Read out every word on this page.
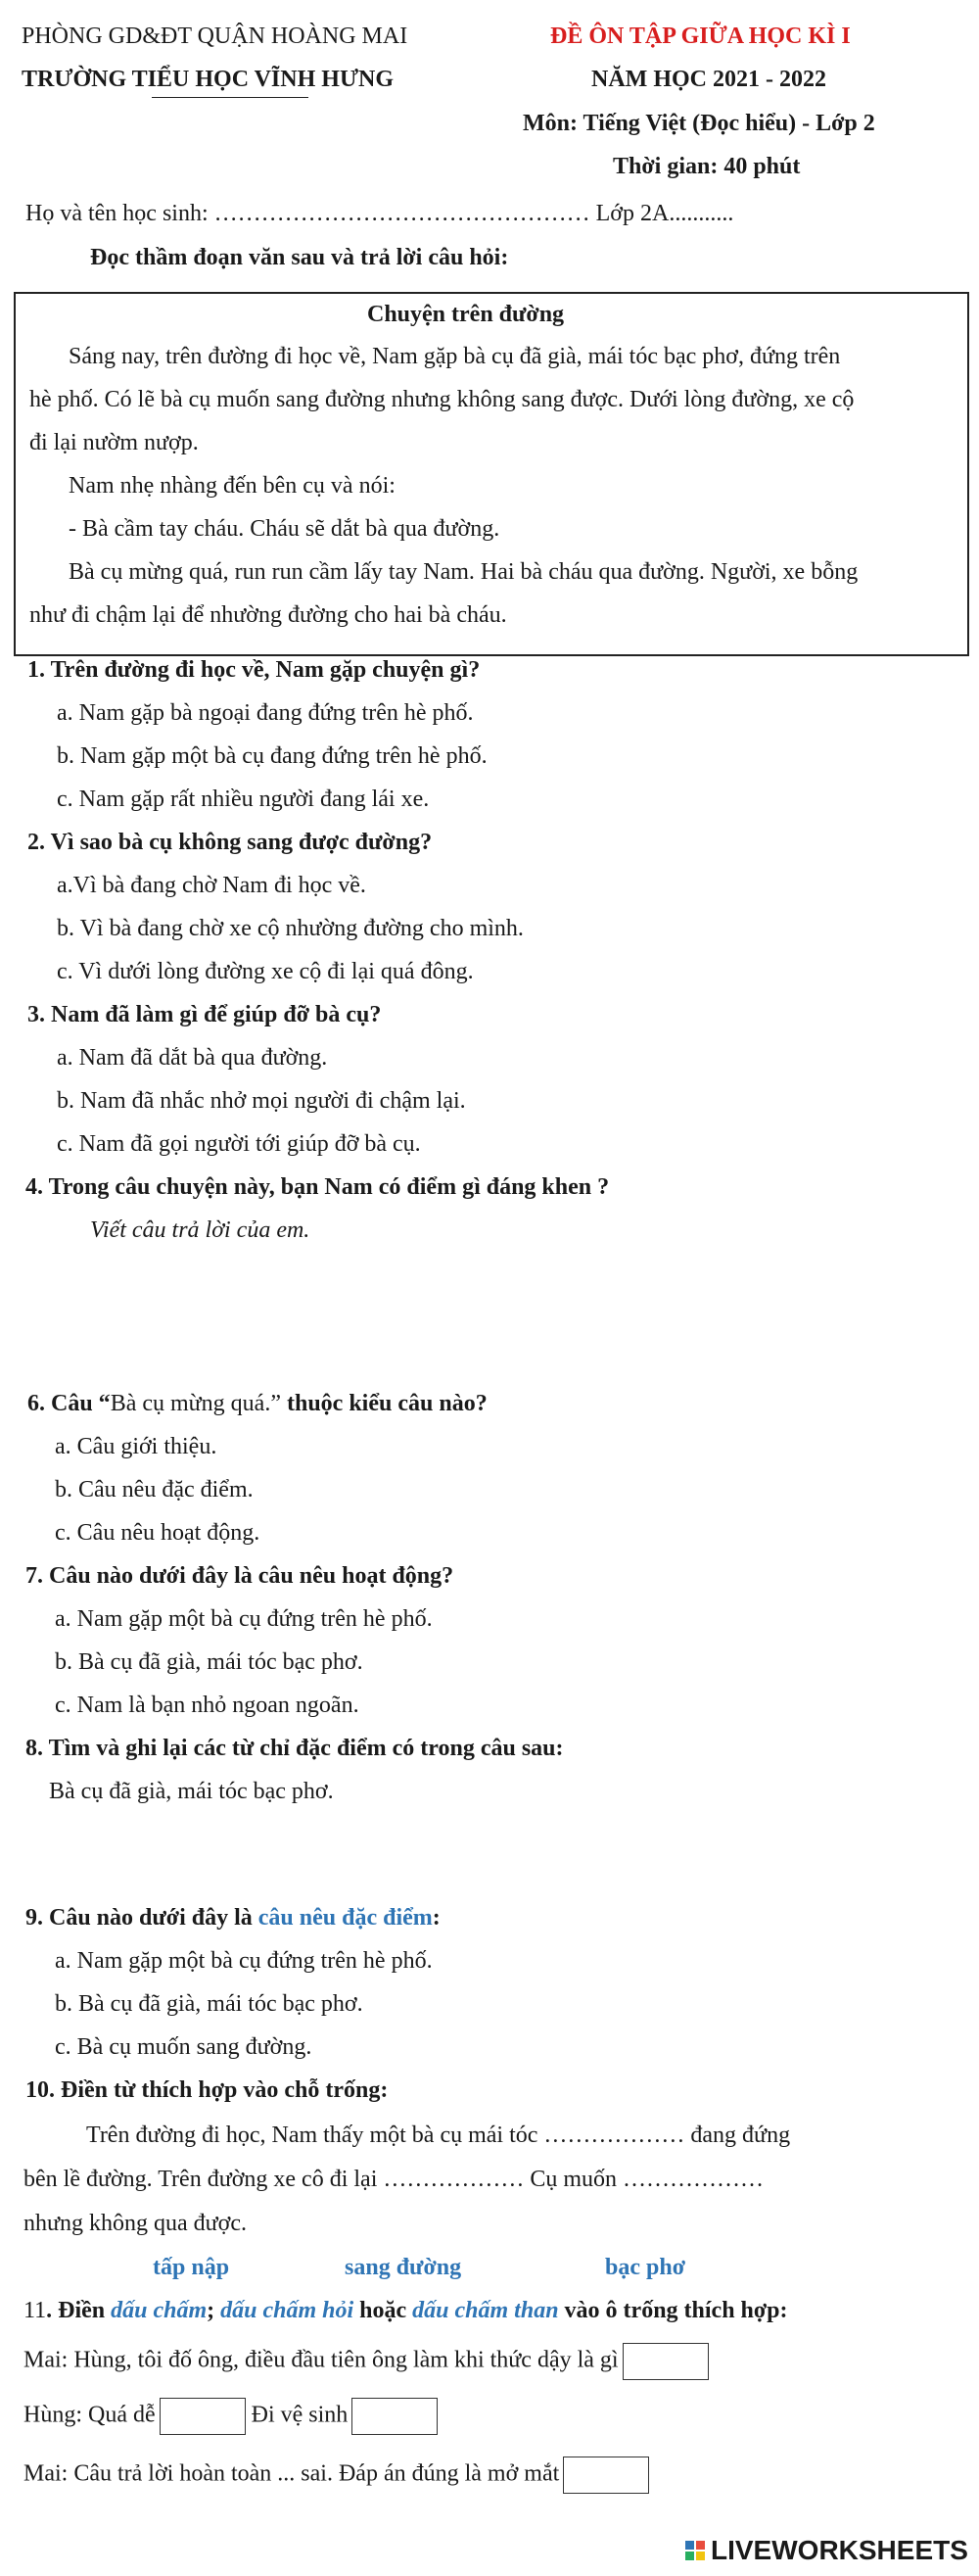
PHÒNG GD&ĐT QUẬN HOÀNG MAI
TRƯỜNG TIỂU HỌC VĨNH HƯNG
ĐỀ ÔN TẬP GIỮA HỌC KÌ I
NĂM HỌC 2021 - 2022
Môn: Tiếng Việt (Đọc hiểu) - Lớp 2
Thời gian: 40 phút
Họ và tên học sinh: ………………………………………… Lớp 2A...........
Đọc thầm đoạn văn sau và trả lời câu hỏi:
Chuyện trên đường
Sáng nay, trên đường đi học về, Nam gặp bà cụ đã già, mái tóc bạc phơ, đứng trên
hè phố. Có lẽ bà cụ muốn sang đường nhưng không sang được. Dưới lòng đường, xe cộ
đi lại nườm nượp.
Nam nhẹ nhàng đến bên cụ và nói:
- Bà cầm tay cháu. Cháu sẽ dắt bà qua đường.
Bà cụ mừng quá, run run cầm lấy tay Nam. Hai bà cháu qua đường. Người, xe bỗng
như đi chậm lại để nhường đường cho hai bà cháu.
1. Trên đường đi học về, Nam gặp chuyện gì?
a. Nam gặp bà ngoại đang đứng trên hè phố.
b. Nam gặp một bà cụ đang đứng trên hè phố.
c. Nam gặp rất nhiều người đang lái xe.
2. Vì sao bà cụ không sang được đường?
a.Vì bà đang chờ Nam đi học về.
b. Vì bà đang chờ xe cộ nhường đường cho mình.
c. Vì dưới lòng đường xe cộ đi lại quá đông.
3. Nam đã làm gì để giúp đỡ bà cụ?
a. Nam đã dắt bà qua đường.
b. Nam đã nhắc nhở mọi người đi chậm lại.
c. Nam đã gọi người tới giúp đỡ bà cụ.
4. Trong câu chuyện này, bạn Nam có điểm gì đáng khen ?
Viết câu trả lời của em.
6. Câu “Bà cụ mừng quá.” thuộc kiểu câu nào?
a. Câu giới thiệu.
b. Câu nêu đặc điểm.
c. Câu nêu hoạt động.
7. Câu nào dưới đây là câu nêu hoạt động?
a. Nam gặp một bà cụ đứng trên hè phố.
b. Bà cụ đã già, mái tóc bạc phơ.
c. Nam là bạn nhỏ ngoan ngoãn.
8. Tìm và ghi lại các từ chỉ đặc điểm có trong câu sau:
Bà cụ đã già, mái tóc bạc phơ.
9. Câu nào dưới đây là câu nêu đặc điểm:
a. Nam gặp một bà cụ đứng trên hè phố.
b. Bà cụ đã già, mái tóc bạc phơ.
c. Bà cụ muốn sang đường.
10. Điền từ thích hợp vào chỗ trống:
Trên đường đi học, Nam thấy một bà cụ mái tóc ……………… đang đứng
bên lề đường. Trên đường xe cô đi lại ……………… Cụ muốn ………………
nhưng không qua được.
tấp nập	sang đường	bạc phơ
11. Điền dấu chấm; dấu chấm hỏi hoặc dấu chấm than vào ô trống thích hợp:
Mai: Hùng, tôi đố ông, điều đầu tiên ông làm khi thức dậy là gì
Hùng: Quá dễ	Đi vệ sinh
Mai: Câu trả lời hoàn toàn ... sai. Đáp án đúng là mở mắt
LIVEWORKSHEETS
